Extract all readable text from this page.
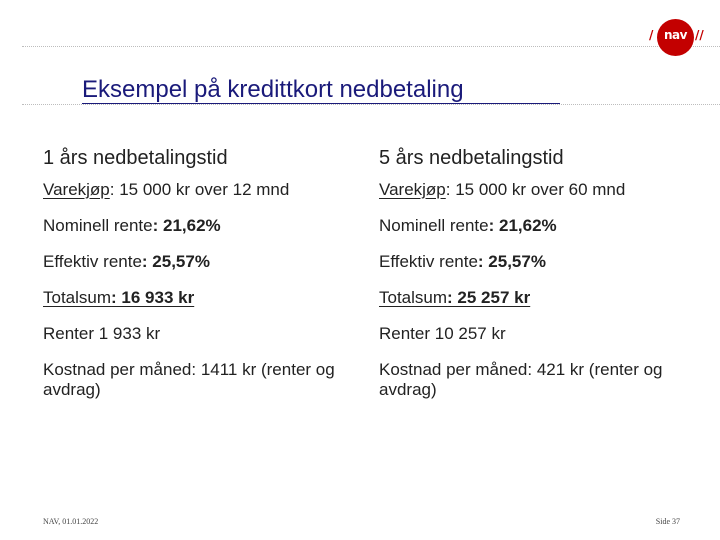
/ nav //
Eksempel på kredittkort nedbetaling
1 års nedbetalingstid
Varekjøp: 15 000 kr over 12 mnd
Nominell rente: 21,62%
Effektiv rente: 25,57%
Totalsum: 16 933 kr
Renter 1 933 kr
Kostnad per måned: 1411 kr (renter og avdrag)
5 års nedbetalingstid
Varekjøp: 15 000 kr over 60 mnd
Nominell rente: 21,62%
Effektiv rente: 25,57%
Totalsum: 25 257 kr
Renter 10 257 kr
Kostnad per måned: 421 kr (renter og avdrag)
NAV, 01.01.2022	Side 37
